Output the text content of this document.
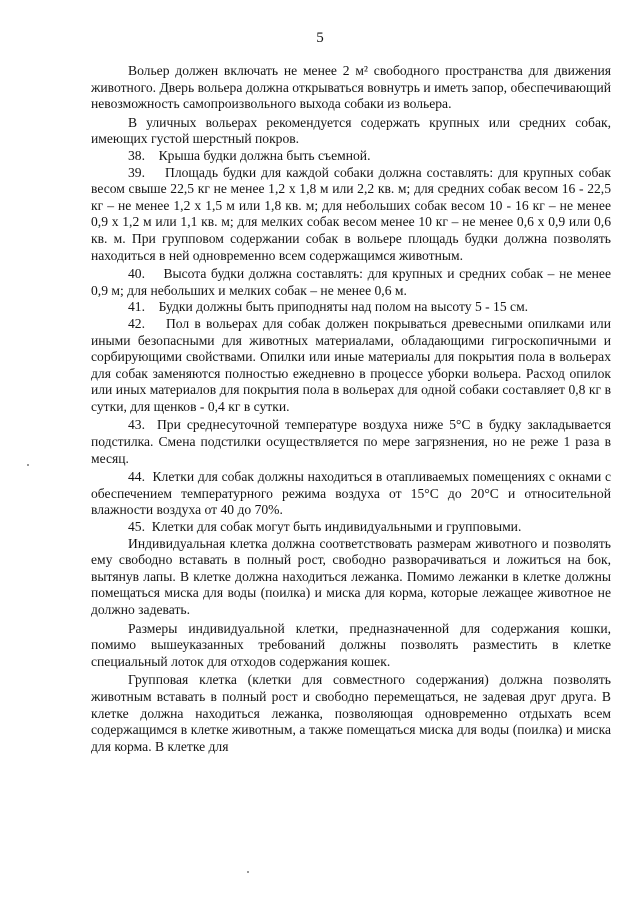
5

Вольер должен включать не менее 2 м² свободного пространства для движения животного. Дверь вольера должна открываться вовнутрь и иметь запор, обеспечивающий невозможность самопроизвольного выхода собаки из вольера.

В уличных вольерах рекомендуется содержать крупных или средних собак, имеющих густой шерстный покров.

38.    Крыша будки должна быть съемной.

39.    Площадь будки для каждой собаки должна составлять: для крупных собак весом свыше 22,5 кг не менее 1,2 х 1,8 м или 2,2 кв. м; для средних собак весом 16 - 22,5 кг – не менее 1,2 х 1,5 м или 1,8 кв. м; для небольших собак весом 10 - 16 кг – не менее 0,9 х 1,2 м или 1,1 кв. м; для мелких собак весом менее 10 кг – не менее 0,6 х 0,9 или 0,6 кв. м. При групповом содержании собак в вольере площадь будки должна позволять находиться в ней одновременно всем содержащимся животным.

40.    Высота будки должна составлять: для крупных и средних собак – не менее 0,9 м; для небольших и мелких собак – не менее 0,6 м.

41.    Будки должны быть приподняты над полом на высоту 5 - 15 см.

42.    Пол в вольерах для собак должен покрываться древесными опилками или иными безопасными для животных материалами, обладающими гигроскопичными и сорбирующими свойствами. Опилки или иные материалы для покрытия пола в вольерах для собак заменяются полностью ежедневно в процессе уборки вольера. Расход опилок или иных материалов для покрытия пола в вольерах для одной собаки составляет 0,8 кг в сутки, для щенков - 0,4 кг в сутки.

43.  При среднесуточной температуре воздуха ниже 5°С в будку закладывается подстилка. Смена подстилки осуществляется по мере загрязнения, но не реже 1 раза в месяц.

44.  Клетки для собак должны находиться в отапливаемых помещениях с окнами с обеспечением температурного режима воздуха от 15°С до 20°С и относительной влажности воздуха от 40 до 70%.

45.  Клетки для собак могут быть индивидуальными и групповыми.

Индивидуальная клетка должна соответствовать размерам животного и позволять ему свободно вставать в полный рост, свободно разворачиваться и ложиться на бок, вытянув лапы. В клетке должна находиться лежанка. Помимо лежанки в клетке должны помещаться миска для воды (поилка) и миска для корма, которые лежащее животное не должно задевать.

Размеры индивидуальной клетки, предназначенной для содержания кошки, помимо вышеуказанных требований должны позволять разместить в клетке специальный лоток для отходов содержания кошек.

Групповая клетка (клетки для совместного содержания) должна позволять животным вставать в полный рост и свободно перемещаться, не задевая друг друга. В клетке должна находиться лежанка, позволяющая одновременно отдыхать всем содержащимся в клетке животным, а также помещаться миска для воды (поилка) и миска для корма. В клетке для
